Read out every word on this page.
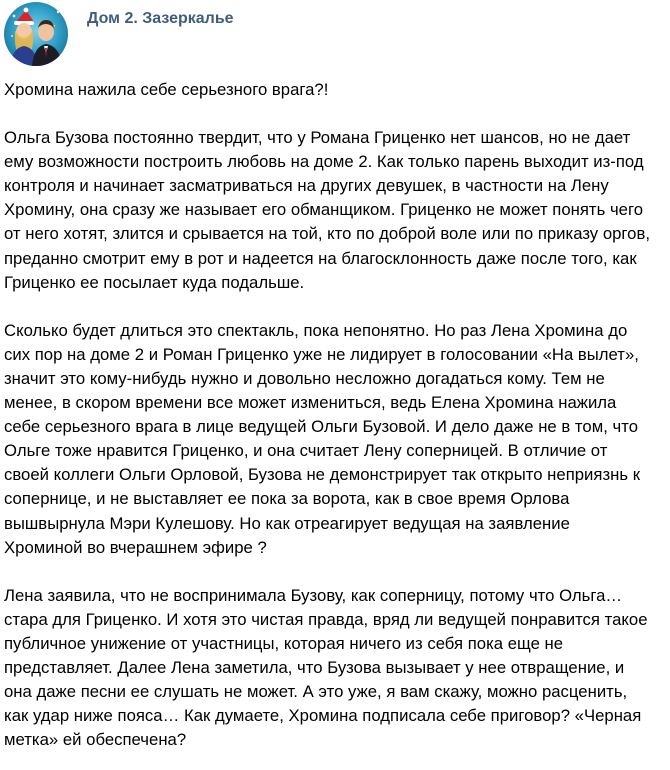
Дом 2. Зазеркалье

Хромина нажила себе серьезного врага?!

Ольга Бузова постоянно твердит, что у Романа Гриценко нет шансов, но не дает

ему возможности построить любовь на доме 2. Как только парень выходит из-под

контроля и начинает засматриваться на других девушек, в частности на Лену

Хромину, она сразу же называет его обманщиком. Гриценко не может понять чего

от него хотят, злится и срывается на той, кто по доброй воле или по приказу оргов,

преданно смотрит ему в рот и надеется на благосклонность даже после того, как

Гриценко ее посылает куда подальше.

Сколько будет длиться это спектакль, пока непонятно. Но раз Лена Хромина до

сих пор на доме 2 и Роман Гриценко уже не лидирует в голосовании «На вылет»,

значит это кому-нибудь нужно и довольно несложно догадаться кому. Тем не

менее, в скором времени все может измениться, ведь Елена Хромина нажила

себе серьезного врага в лице ведущей Ольги Бузовой. И дело даже не в том, что

Ольге тоже нравится Гриценко, и она считает Лену соперницей. В отличие от

своей коллеги Ольги Орловой, Бузова не демонстрирует так открыто неприязнь к

сопернице, и не выставляет ее пока за ворота, как в свое время Орлова

вышвырнула Мэри Кулешову. Но как отреагирует ведущая на заявление

Хроминой во вчерашнем эфире ?

Лена заявила, что не воспринимала Бузову, как соперницу, потому что Ольга…

стара для Гриценко. И хотя это чистая правда, вряд ли ведущей понравится такое

публичное унижение от участницы, которая ничего из себя пока еще не

представляет. Далее Лена заметила, что Бузова вызывает у нее отвращение, и

она даже песни ее слушать не может. А это уже, я вам скажу, можно расценить,

как удар ниже пояса… Как думаете, Хромина подписала себе приговор? «Черная

метка» ей обеспечена?
